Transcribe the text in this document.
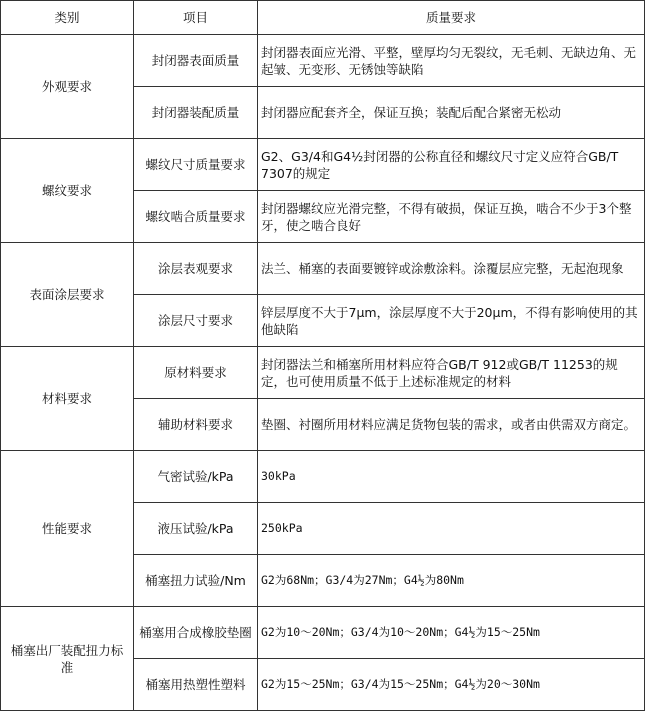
类别	项目	质量要求
外观要求	封闭器表面质量	封闭器表面应光滑、平整，壁厚均匀无裂纹，无毛刺、无缺边角、无起皱、无变形、无锈蚀等缺陷
	封闭器装配质量	封闭器应配套齐全，保证互换；装配后配合紧密无松动
螺纹要求	螺纹尺寸质量要求	G2、G3/4和G4½封闭器的公称直径和螺纹尺寸定义应符合GB/T 7307的规定
	螺纹啮合质量要求	封闭器螺纹应光滑完整，不得有破损，保证互换，啮合不少于3个整牙，使之啮合良好
表面涂层要求	涂层表观要求	法兰、桶塞的表面要镀锌或涂敷涂料。涂覆层应完整，无起泡现象
	涂层尺寸要求	锌层厚度不大于7μm，涂层厚度不大于20μm，不得有影响使用的其他缺陷
材料要求	原材料要求	封闭器法兰和桶塞所用材料应符合GB/T 912或GB/T 11253的规定，也可使用质量不低于上述标准规定的材料
	辅助材料要求	垫圈、衬圈所用材料应满足货物包装的需求，或者由供需双方商定。
性能要求	气密试验/kPa	30kPa
	液压试验/kPa	250kPa
	桶塞扭力试验/Nm	G2为68Nm；G3/4为27Nm；G4½为80Nm
桶塞出厂装配扭力标准	桶塞用合成橡胶垫圈	G2为10～20Nm；G3/4为10～20Nm；G4½为15～25Nm
	桶塞用热塑性塑料	G2为15～25Nm；G3/4为15～25Nm；G4½为20～30Nm
